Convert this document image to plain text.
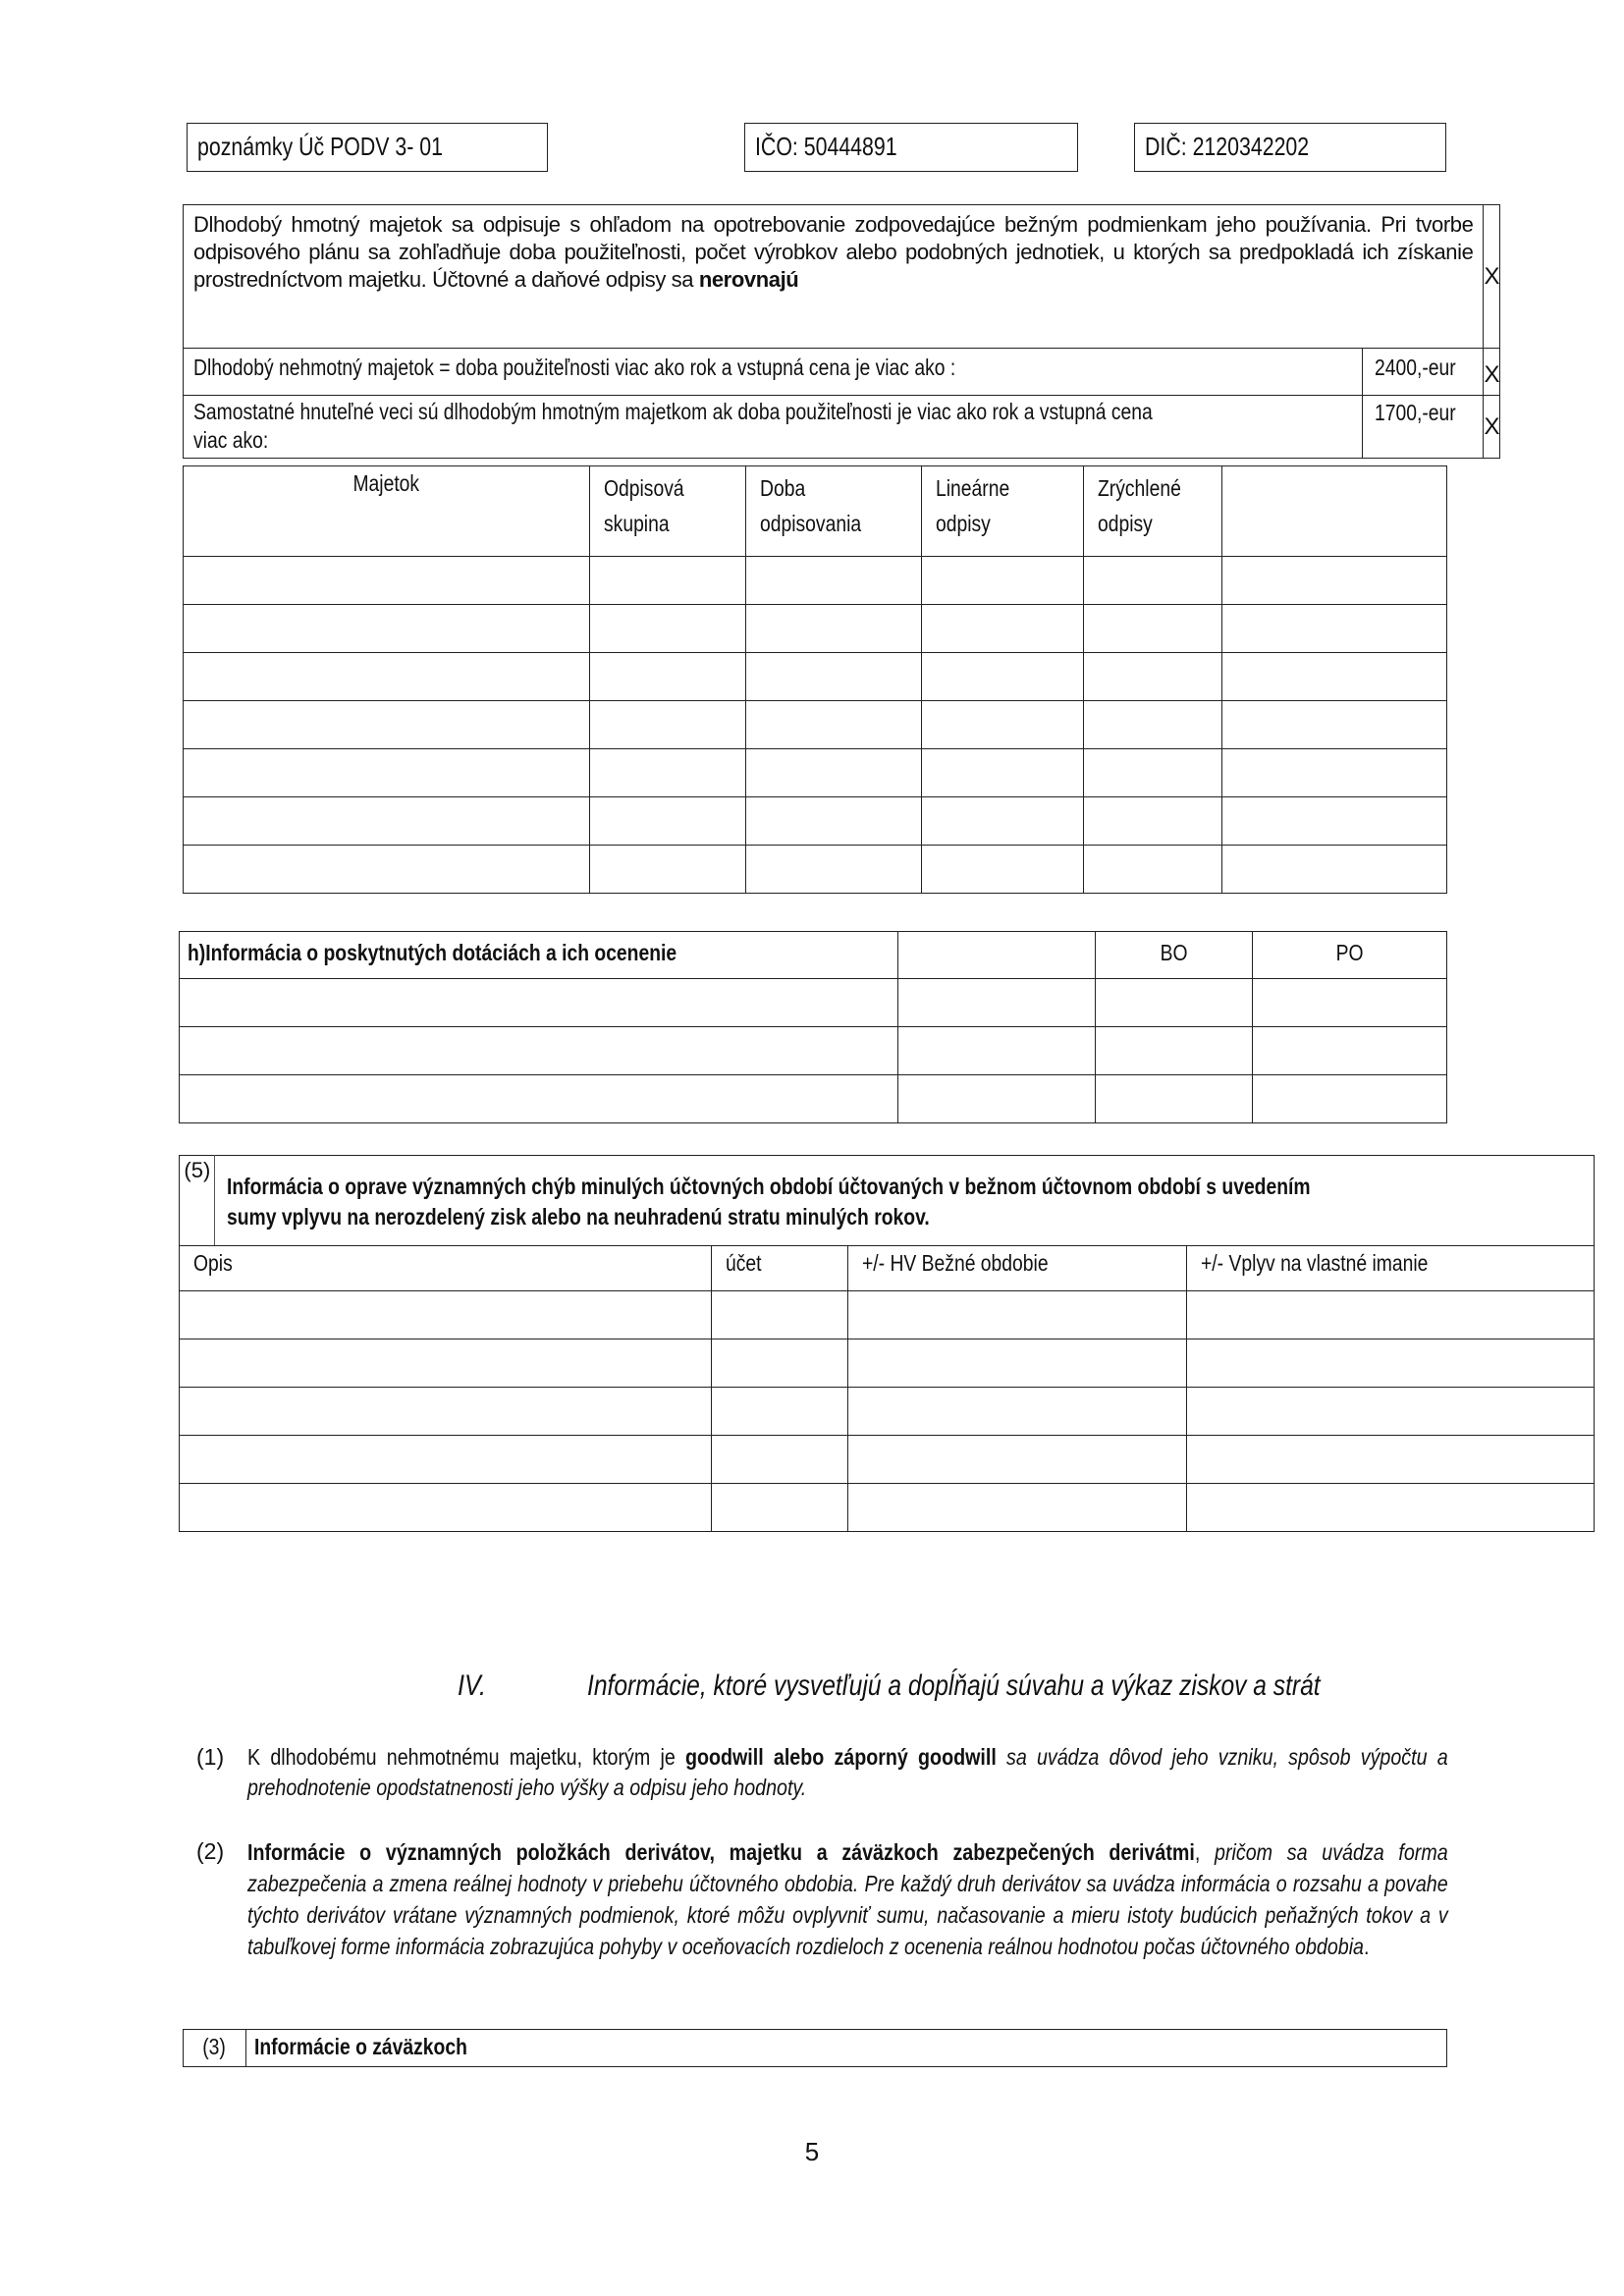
poznámky Úč PODV 3- 01	IČO: 50444891	DIČ: 2120342202
Dlhodobý hmotný majetok sa odpisuje s ohľadom na opotrebovanie zodpovedajúce bežným podmienkam jeho používania. Pri tvorbe odpisového plánu sa zohľadňuje doba použiteľnosti, počet výrobkov alebo podobných jednotiek, u ktorých sa predpokladá ich získanie prostredníctvom majetku. Účtovné a daňové odpisy sa nerovnajú		X
Dlhodobý nehmotný majetok = doba použiteľnosti viac ako rok a vstupná cena je viac ako :	2400,-eur	X

Samostatné hnuteľné veci sú dlhodobým hmotným majetkom ak doba použiteľnosti je viac ako rok a vstupná cena viac ako:	1700,-eur	X
Majetok	Odpisová skupina	Doba odpisovania	Lineárne odpisy	Zrýchlené odpisy	

h)Informácia o poskytnutých dotáciách a ich ocenenie		BO	PO

(5)	Informácia o oprave významných chýb minulých účtovných období účtovaných v bežnom účtovnom období s uvedením sumy vplyvu na nerozdelený zisk alebo na neuhradenú stratu minulých rokov.			

Opis		účet	+/- HV Bežné obdobie	+/- Vplyv na vlastné imanie

IV.	Informácie, ktoré vysvetľujú a dopĺňajú súvahu a výkaz ziskov a strát
(1) K dlhodobému nehmotnému majetku, ktorým je goodwill alebo záporný goodwill sa uvádza dôvod jeho vzniku, spôsob výpočtu a prehodnotenie opodstatnenosti jeho výšky a odpisu jeho hodnoty.
(2) Informácie o významných položkách derivátov, majetku a záväzkoch zabezpečených derivátmi, pričom sa uvádza forma zabezpečenia a zmena reálnej hodnoty v priebehu účtovného obdobia. Pre každý druh derivátov sa uvádza informácia o rozsahu a povahe týchto derivátov vrátane významných podmienok, ktoré môžu ovplyvniť sumu, načasovanie a mieru istoty budúcich peňažných tokov a v tabuľkovej forme informácia zobrazujúca pohyby v oceňovacích rozdieloch z ocenenia reálnou hodnotou počas účtovného obdobia.
(3)	Informácie o záväzkoch
5
